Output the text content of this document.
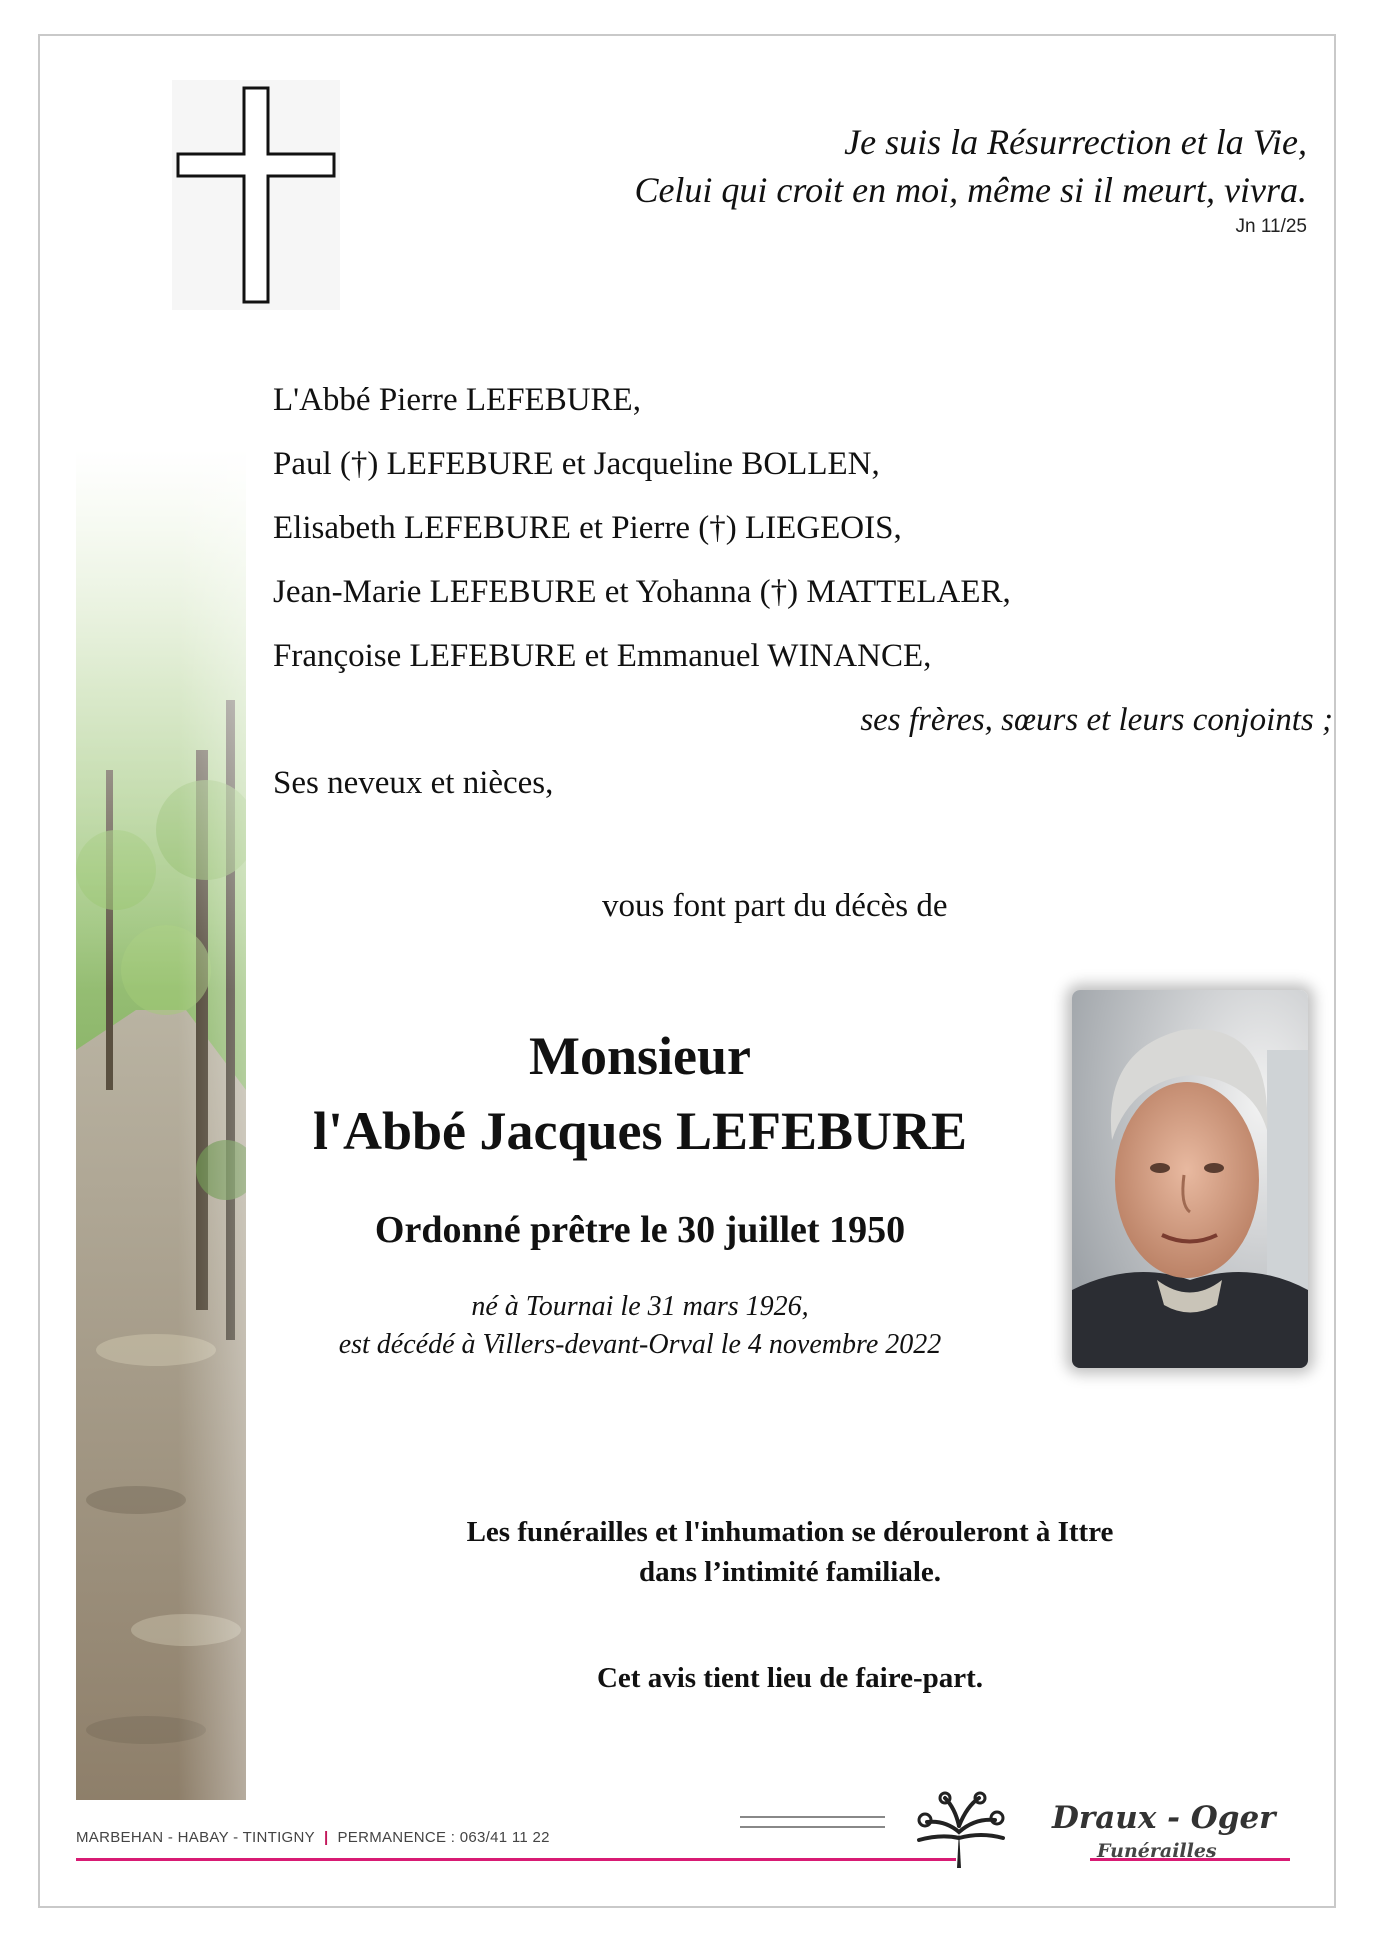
Je suis la Résurrection et la Vie,
Celui qui croit en moi, même si il meurt, vivra.
Jn 11/25
L'Abbé Pierre LEFEBURE,
Paul (†) LEFEBURE et Jacqueline BOLLEN,
Elisabeth LEFEBURE et Pierre (†) LIEGEOIS,
Jean-Marie LEFEBURE et Yohanna (†) MATTELAER,
Françoise LEFEBURE et Emmanuel WINANCE,
ses frères, sœurs et leurs conjoints ;
Ses neveux et nièces,
vous font part du décès de
Monsieur
l'Abbé Jacques LEFEBURE
Ordonné prêtre le 30 juillet 1950
né à Tournai le 31 mars 1926,
est décédé à Villers-devant-Orval le 4 novembre 2022
Les funérailles et l'inhumation se dérouleront à Ittre
dans l’intimité familiale.
Cet avis tient lieu de faire-part.
MARBEHAN - HABAY - TINTIGNY | PERMANENCE : 063/41 11 22
Draux - Oger
Funérailles
